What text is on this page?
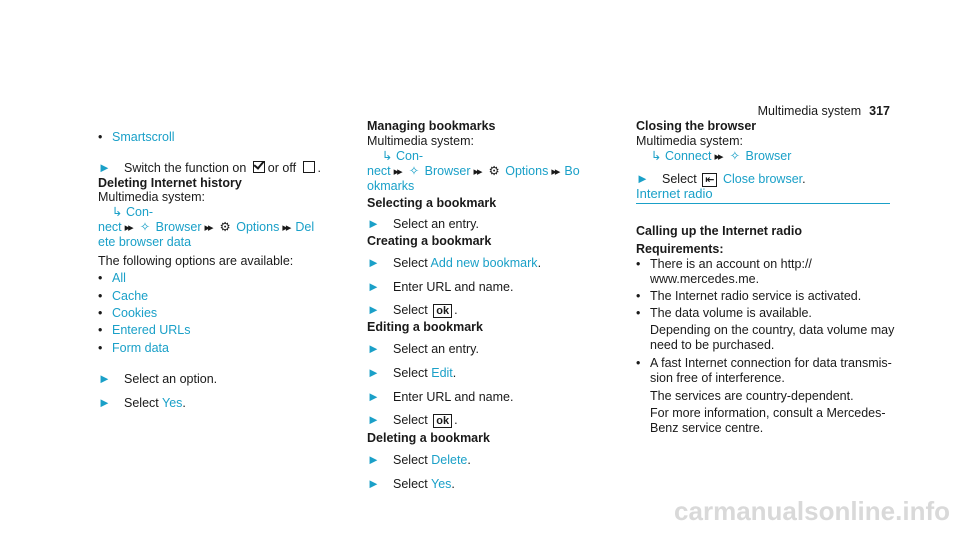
Multimedia system 317
• Smartscroll
► Switch the function on or off .
Deleting Internet history
Multimedia system:
↳ Con-
nect ▸▸ ✧ Browser ▸▸ ⚙ Options ▸▸ Del
ete browser data
The following options are available:
• All
• Cache
• Cookies
• Entered URLs
• Form data
► Select an option.
► Select Yes.
Managing bookmarks
Multimedia system:
↳ Con-
nect ▸▸ ✧ Browser ▸▸ ⚙ Options ▸▸ Bo
okmarks
Selecting a bookmark
► Select an entry.
Creating a bookmark
► Select Add new bookmark.
► Enter URL and name.
► Select ok .
Editing a bookmark
► Select an entry.
► Select Edit.
► Enter URL and name.
► Select ok .
Deleting a bookmark
► Select Delete.
► Select Yes.
Closing the browser
Multimedia system:
↳ Connect ▸▸ ✧ Browser
► Select ⇤ Close browser.
Internet radio
Calling up the Internet radio
Requirements:
• There is an account on http://
www.mercedes.me.
• The Internet radio service is activated.
• The data volume is available.
Depending on the country, data volume may
need to be purchased.
• A fast Internet connection for data transmis-
sion free of interference.
The services are country-dependent.
For more information, consult a Mercedes-
Benz service centre.
carmanualsonline.info
